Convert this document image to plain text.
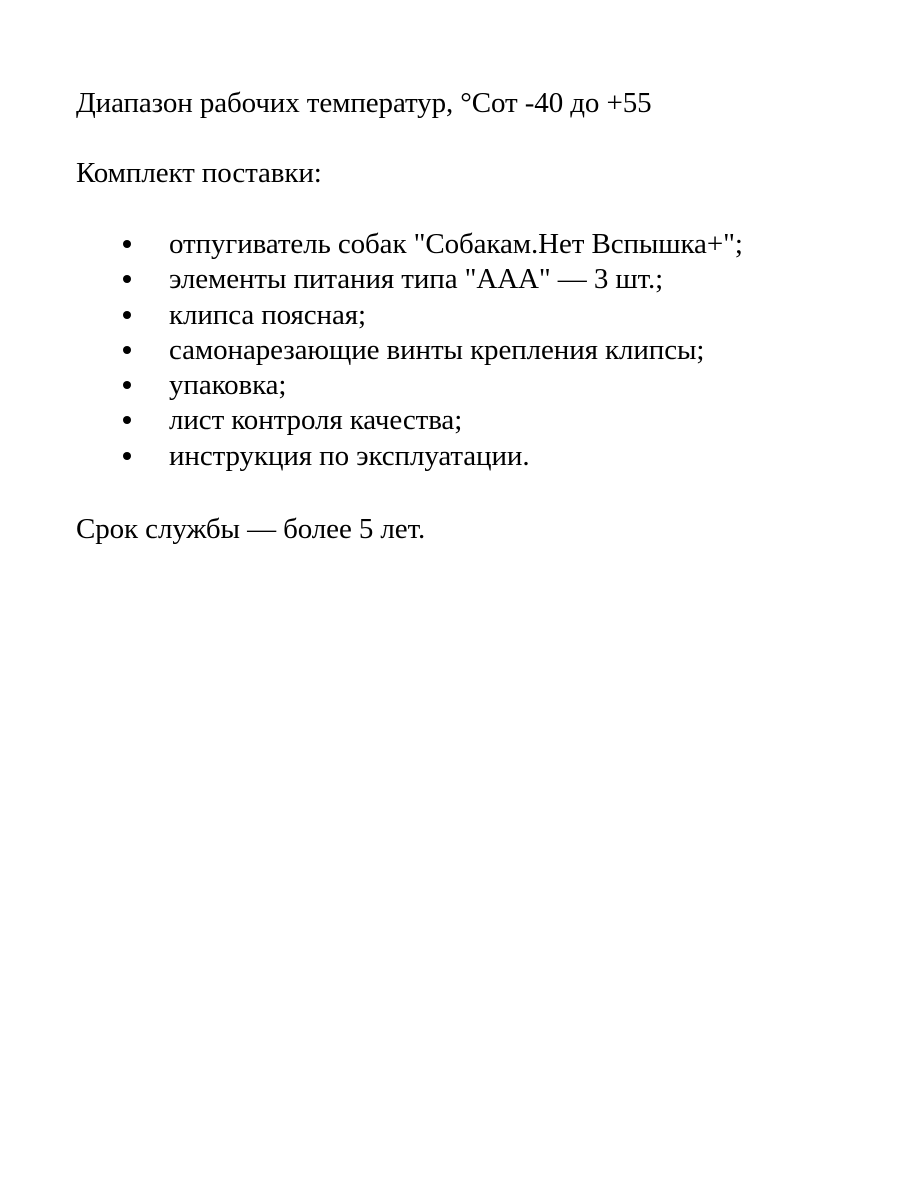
Диапазон рабочих температур, °Сот -40 до +55
Комплект поставки:
отпугиватель собак "Собакам.Нет Вспышка+";
элементы питания типа "ААА" — 3 шт.;
клипса поясная;
самонарезающие винты крепления клипсы;
упаковка;
лист контроля качества;
инструкция по эксплуатации.
Срок службы — более 5 лет.
